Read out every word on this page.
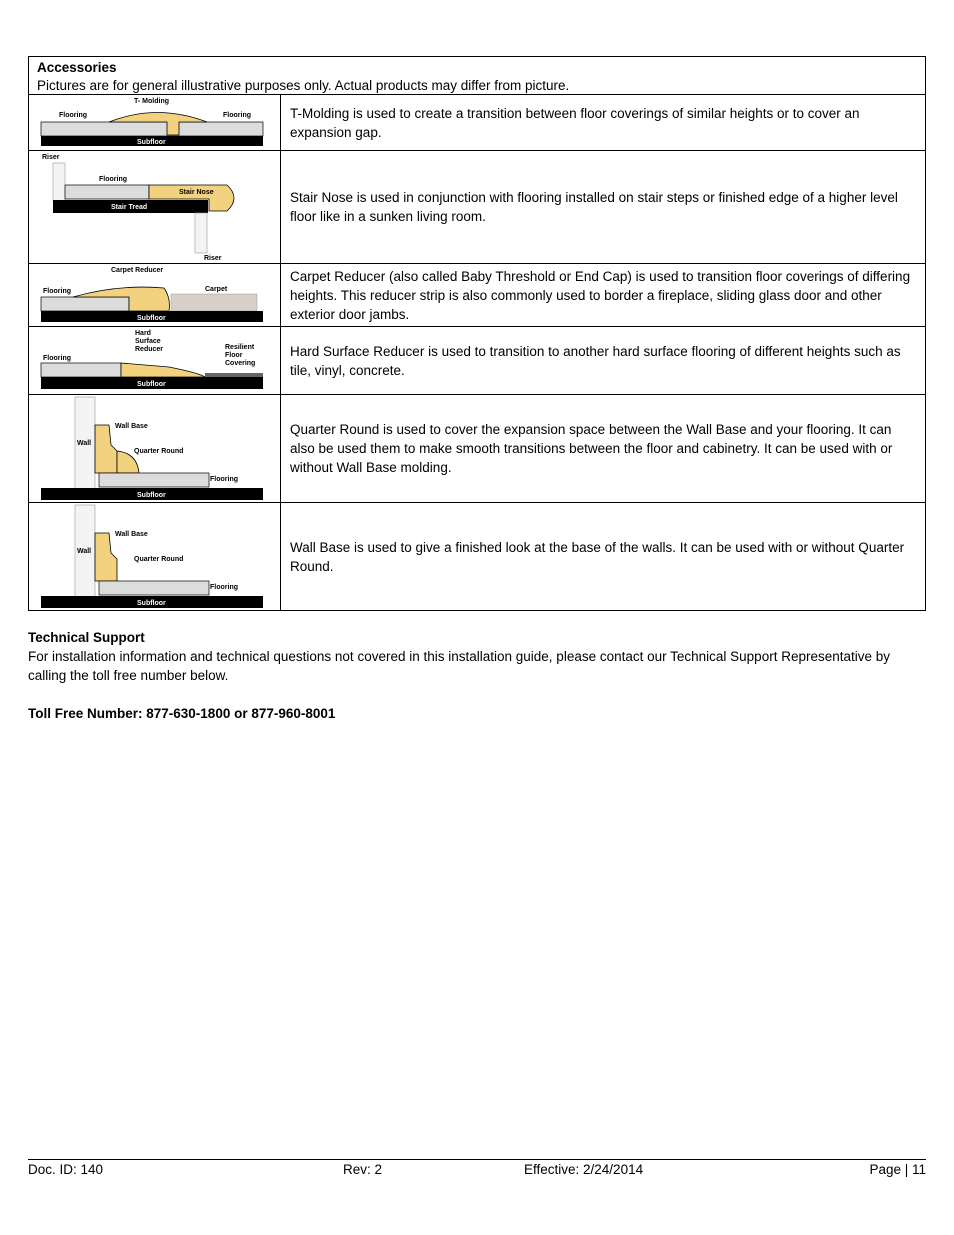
Accessories
Pictures are for general illustrative purposes only. Actual products may differ from picture.
T- Molding
Flooring	Flooring
Subfloor
T-Molding is used to create a transition between floor coverings of similar heights or to cover an expansion gap.
Riser
Flooring
Stair Nose
Stair Tread
Riser
Stair Nose is used in conjunction with flooring installed on stair steps or finished edge of a higher level floor like in a sunken living room.
Carpet Reducer
Flooring	Carpet
Subfloor
Carpet Reducer (also called Baby Threshold or End Cap) is used to transition floor coverings of differing heights. This reducer strip is also commonly used to border a fireplace, sliding glass door and other exterior door jambs.
Hard
Surface
Reducer
Flooring
Resilient
Floor
Covering
Subfloor
Hard Surface Reducer is used to transition to another hard surface flooring of different heights such as tile, vinyl, concrete.
Wall Base
Wall
Quarter Round
Flooring
Subfloor
Quarter Round is used to cover the expansion space between the Wall Base and your flooring. It can also be used them to make smooth transitions between the floor and cabinetry. It can be used with or without Wall Base molding.
Wall Base
Wall
Quarter Round
Flooring
Subfloor
Wall Base is used to give a finished look at the base of the walls. It can be used with or without Quarter Round.
Technical Support
For installation information and technical questions not covered in this installation guide, please contact our Technical Support Representative by calling the toll free number below.
Toll Free Number: 877-630-1800 or 877-960-8001
Doc. ID: 140	Rev: 2	Effective: 2/24/2014	Page | 11
